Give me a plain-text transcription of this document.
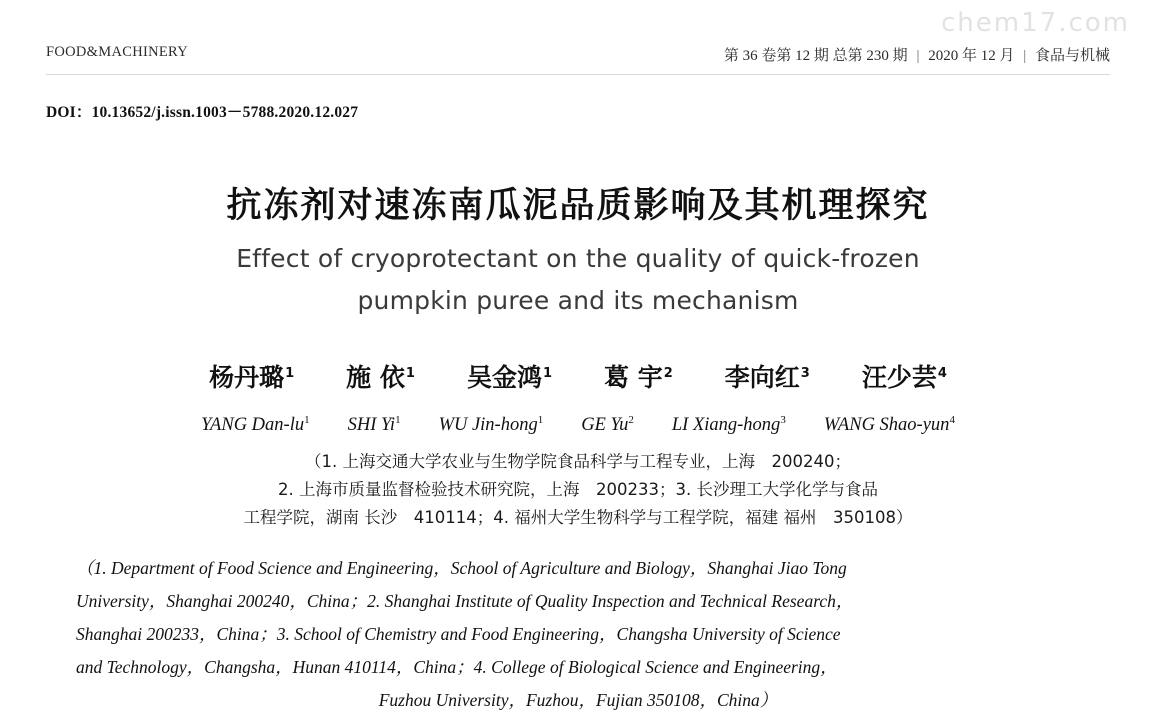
chem17.com
FOOD&MACHINERY	第 36 卷第 12 期 总第 230 期 | 2020 年 12 月 | 食品与机械
DOI：10.13652/j.issn.1003－5788.2020.12.027
抗冻剂对速冻南瓜泥品质影响及其机理探究
Effect of cryoprotectant on the quality of quick-frozen
pumpkin puree and its mechanism
杨丹璐$^1$ 施 依$^1$ 吴金鸿$^1$ 葛 宇$^2$ 李向红$^3$ 汪少芸$^4$
YANG Dan-$lu^1$ SHI Yi$^1$ WU Jin-hong$^1$ GE Yu$^2$ LI Xiang-hong$^3$ WANG Shao-yun$^4$
（1. 上海交通大学农业与生物学院食品科学与工程专业，上海　200240；
2. 上海市质量监督检验技术研究院，上海　200233；3. 长沙理工大学化学与食品
工程学院，湖南 长沙　410114；4. 福州大学生物科学与工程学院，福建 福州　350108）
（1. Department of Food Science and Engineering，School of Agriculture and Biology，Shanghai Jiao Tong
University，Shanghai 200240，China；2. Shanghai Institute of Quality Inspection and Technical Research，
Shanghai 200233，China；3. School of Chemistry and Food Engineering，Changsha University of Science
and Technology，Changsha，Hunan 410114，China；4. College of Biological Science and Engineering，
Fuzhou University，Fuzhou，Fujian 350108，China）
